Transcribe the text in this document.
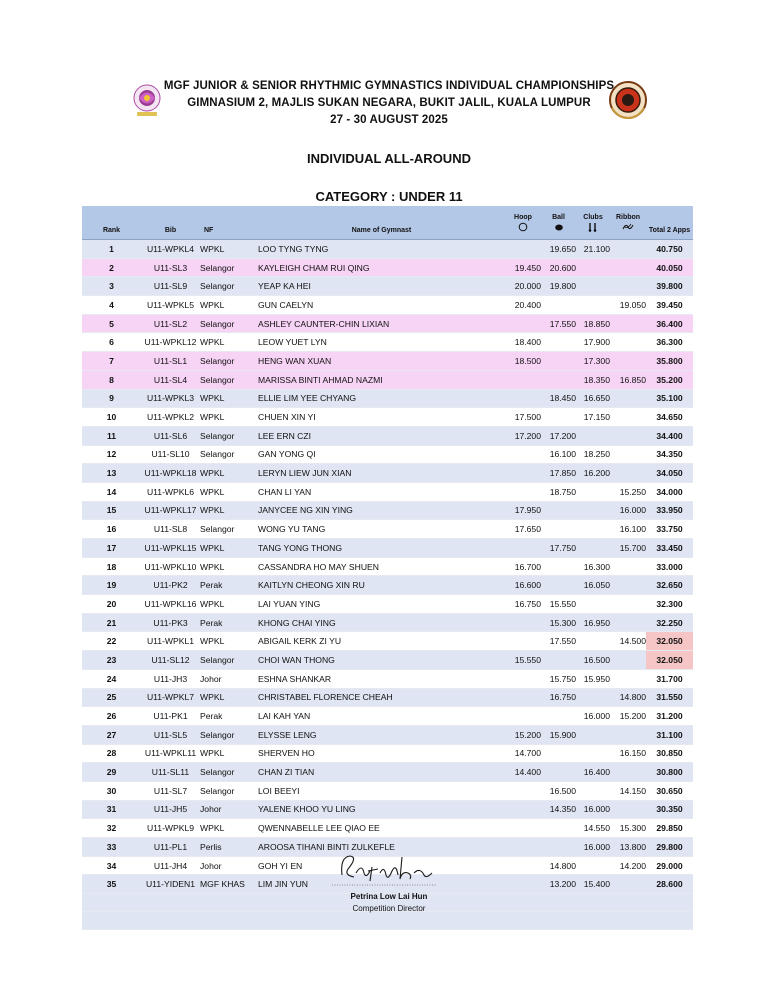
MGF JUNIOR & SENIOR RHYTHMIC GYMNASTICS INDIVIDUAL CHAMPIONSHIPS
GIMNASIUM 2, MAJLIS SUKAN NEGARA, BUKIT JALIL, KUALA LUMPUR
27 - 30 AUGUST 2025
INDIVIDUAL ALL-AROUND
CATEGORY : UNDER 11
Rank	Bib	NF	Name of Gymnast	Hoop	Ball	Clubs	Ribbon	Total 2 Apps
1	U11-WPKL4	WPKL	LOO TYNG TYNG		19.650	21.100		40.750
2	U11-SL3	Selangor	KAYLEIGH CHAM RUI QING	19.450	20.600			40.050
3	U11-SL9	Selangor	YEAP KA HEI	20.000	19.800			39.800
4	U11-WPKL5	WPKL	GUN CAELYN	20.400			19.050	39.450
5	U11-SL2	Selangor	ASHLEY CAUNTER-CHIN LIXIAN		17.550	18.850		36.400
6	U11-WPKL12	WPKL	LEOW YUET LYN	18.400		17.900		36.300
7	U11-SL1	Selangor	HENG WAN XUAN	18.500		17.300		35.800
8	U11-SL4	Selangor	MARISSA BINTI AHMAD NAZMI			18.350	16.850	35.200
9	U11-WPKL3	WPKL	ELLIE LIM YEE CHYANG		18.450	16.650		35.100
10	U11-WPKL2	WPKL	CHUEN XIN YI	17.500		17.150		34.650
11	U11-SL6	Selangor	LEE ERN CZI	17.200	17.200			34.400
12	U11-SL10	Selangor	GAN YONG QI		16.100	18.250		34.350
13	U11-WPKL18	WPKL	LERYN LIEW JUN XIAN		17.850	16.200		34.050
14	U11-WPKL6	WPKL	CHAN LI YAN		18.750		15.250	34.000
15	U11-WPKL17	WPKL	JANYCEE NG XIN YING	17.950			16.000	33.950
16	U11-SL8	Selangor	WONG YU TANG	17.650			16.100	33.750
17	U11-WPKL15	WPKL	TANG YONG THONG		17.750		15.700	33.450
18	U11-WPKL10	WPKL	CASSANDRA HO MAY SHUEN	16.700		16.300		33.000
19	U11-PK2	Perak	KAITLYN CHEONG XIN RU	16.600		16.050		32.650
20	U11-WPKL16	WPKL	LAI YUAN YING	16.750	15.550			32.300
21	U11-PK3	Perak	KHONG CHAI YING		15.300	16.950		32.250
22	U11-WPKL1	WPKL	ABIGAIL KERK ZI YU		17.550		14.500	32.050
23	U11-SL12	Selangor	CHOI WAN THONG	15.550		16.500		32.050
24	U11-JH3	Johor	ESHNA SHANKAR		15.750	15.950		31.700
25	U11-WPKL7	WPKL	CHRISTABEL FLORENCE CHEAH		16.750		14.800	31.550
26	U11-PK1	Perak	LAI KAH YAN			16.000	15.200	31.200
27	U11-SL5	Selangor	ELYSSE LENG	15.200	15.900			31.100
28	U11-WPKL11	WPKL	SHERVEN HO	14.700			16.150	30.850
29	U11-SL11	Selangor	CHAN ZI TIAN	14.400		16.400		30.800
30	U11-SL7	Selangor	LOI BEEYI		16.500		14.150	30.650
31	U11-JH5	Johor	YALENE KHOO YU LING		14.350	16.000		30.350
32	U11-WPKL9	WPKL	QWENNABELLE LEE QIAO EE			14.550	15.300	29.850
33	U11-PL1	Perlis	AROOSA TIHANI BINTI ZULKEFLE			16.000	13.800	29.800
34	U11-JH4	Johor	GOH YI EN		14.800		14.200	29.000
35	U11-YIDEN1	MGF KHAS	LIM JIN YUN		13.200	15.400		28.600

Petrina Low Lai Hun
Competition Director
